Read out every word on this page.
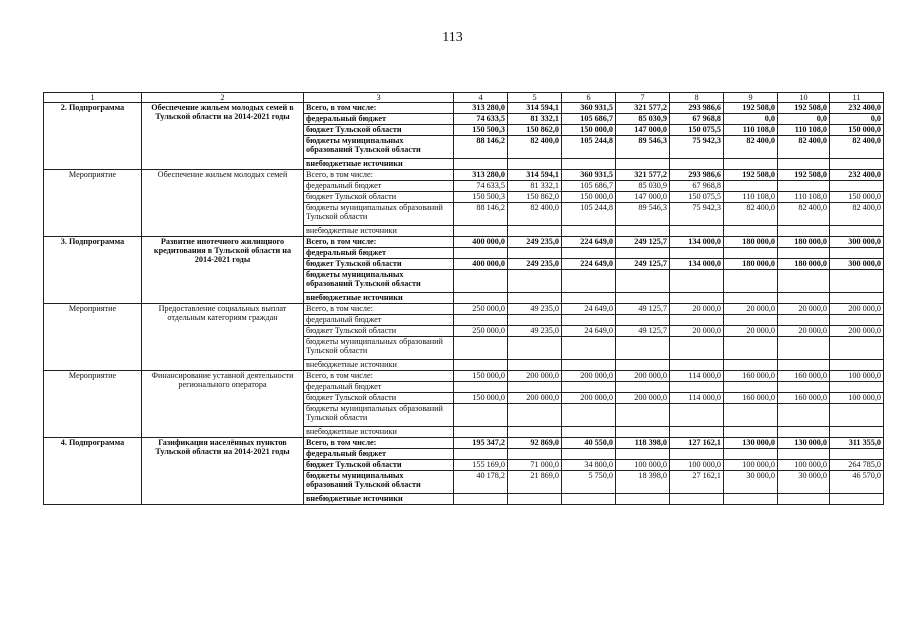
113
1	2	3	4	5	6	7	8	9	10	11
2. Подпрограмма	Обеспечение жильем молодых семей в Тульской области на 2014-2021 годы	Всего, в том числе:	313 280,0	314 594,1	360 931,5	321 577,2	293 986,6	192 508,0	192 508,0	232 400,0
		федеральный бюджет	74 633,5	81 332,1	105 686,7	85 030,9	67 968,8	0,0	0,0	0,0
		бюджет Тульской области	150 500,3	150 862,0	150 000,0	147 000,0	150 075,5	110 108,0	110 108,0	150 000,0
		бюджеты муниципальных образований Тульской области	88 146,2	82 400,0	105 244,8	89 546,3	75 942,3	82 400,0	82 400,0	82 400,0
		внебюджетные источники								
Мероприятие	Обеспечение жильем молодых семей	Всего, в том числе:	313 280,0	314 594,1	360 931,5	321 577,2	293 986,6	192 508,0	192 508,0	232 400,0
		федеральный бюджет	74 633,5	81 332,1	105 686,7	85 030,9	67 968,8			
		бюджет Тульской области	150 500,3	150 862,0	150 000,0	147 000,0	150 075,5	110 108,0	110 108,0	150 000,0
		бюджеты муниципальных образований Тульской области	88 146,2	82 400,0	105 244,8	89 546,3	75 942,3	82 400,0	82 400,0	82 400,0
		внебюджетные источники								
3. Подпрограмма	Развитие ипотечного жилищного кредитования в Тульской области на 2014-2021 годы	Всего, в том числе:	400 000,0	249 235,0	224 649,0	249 125,7	134 000,0	180 000,0	180 000,0	300 000,0
		федеральный бюджет								
		бюджет Тульской области	400 000,0	249 235,0	224 649,0	249 125,7	134 000,0	180 000,0	180 000,0	300 000,0
		бюджеты муниципальных образований Тульской области								
		внебюджетные источники								
Мероприятие	Предоставление социальных выплат отдельным категориям граждан	Всего, в том числе:	250 000,0	49 235,0	24 649,0	49 125,7	20 000,0	20 000,0	20 000,0	200 000,0
		федеральный бюджет								
		бюджет Тульской области	250 000,0	49 235,0	24 649,0	49 125,7	20 000,0	20 000,0	20 000,0	200 000,0
		бюджеты муниципальных образований Тульской области								
		внебюджетные источники								
Мероприятие	Финансирование уставной деятельности регионального оператора	Всего, в том числе:	150 000,0	200 000,0	200 000,0	200 000,0	114 000,0	160 000,0	160 000,0	100 000,0
		федеральный бюджет								
		бюджет Тульской области	150 000,0	200 000,0	200 000,0	200 000,0	114 000,0	160 000,0	160 000,0	100 000,0
		бюджеты муниципальных образований Тульской области								
		внебюджетные источники								
4. Подпрограмма	Газификация населённых пунктов Тульской области на 2014-2021 годы	Всего, в том числе:	195 347,2	92 869,0	40 550,0	118 398,0	127 162,1	130 000,0	130 000,0	311 355,0
		федеральный бюджет								
		бюджет Тульской области	155 169,0	71 000,0	34 800,0	100 000,0	100 000,0	100 000,0	100 000,0	264 785,0
		бюджеты муниципальных образований Тульской области	40 178,2	21 869,0	5 750,0	18 398,0	27 162,1	30 000,0	30 000,0	46 570,0
		внебюджетные источники								
